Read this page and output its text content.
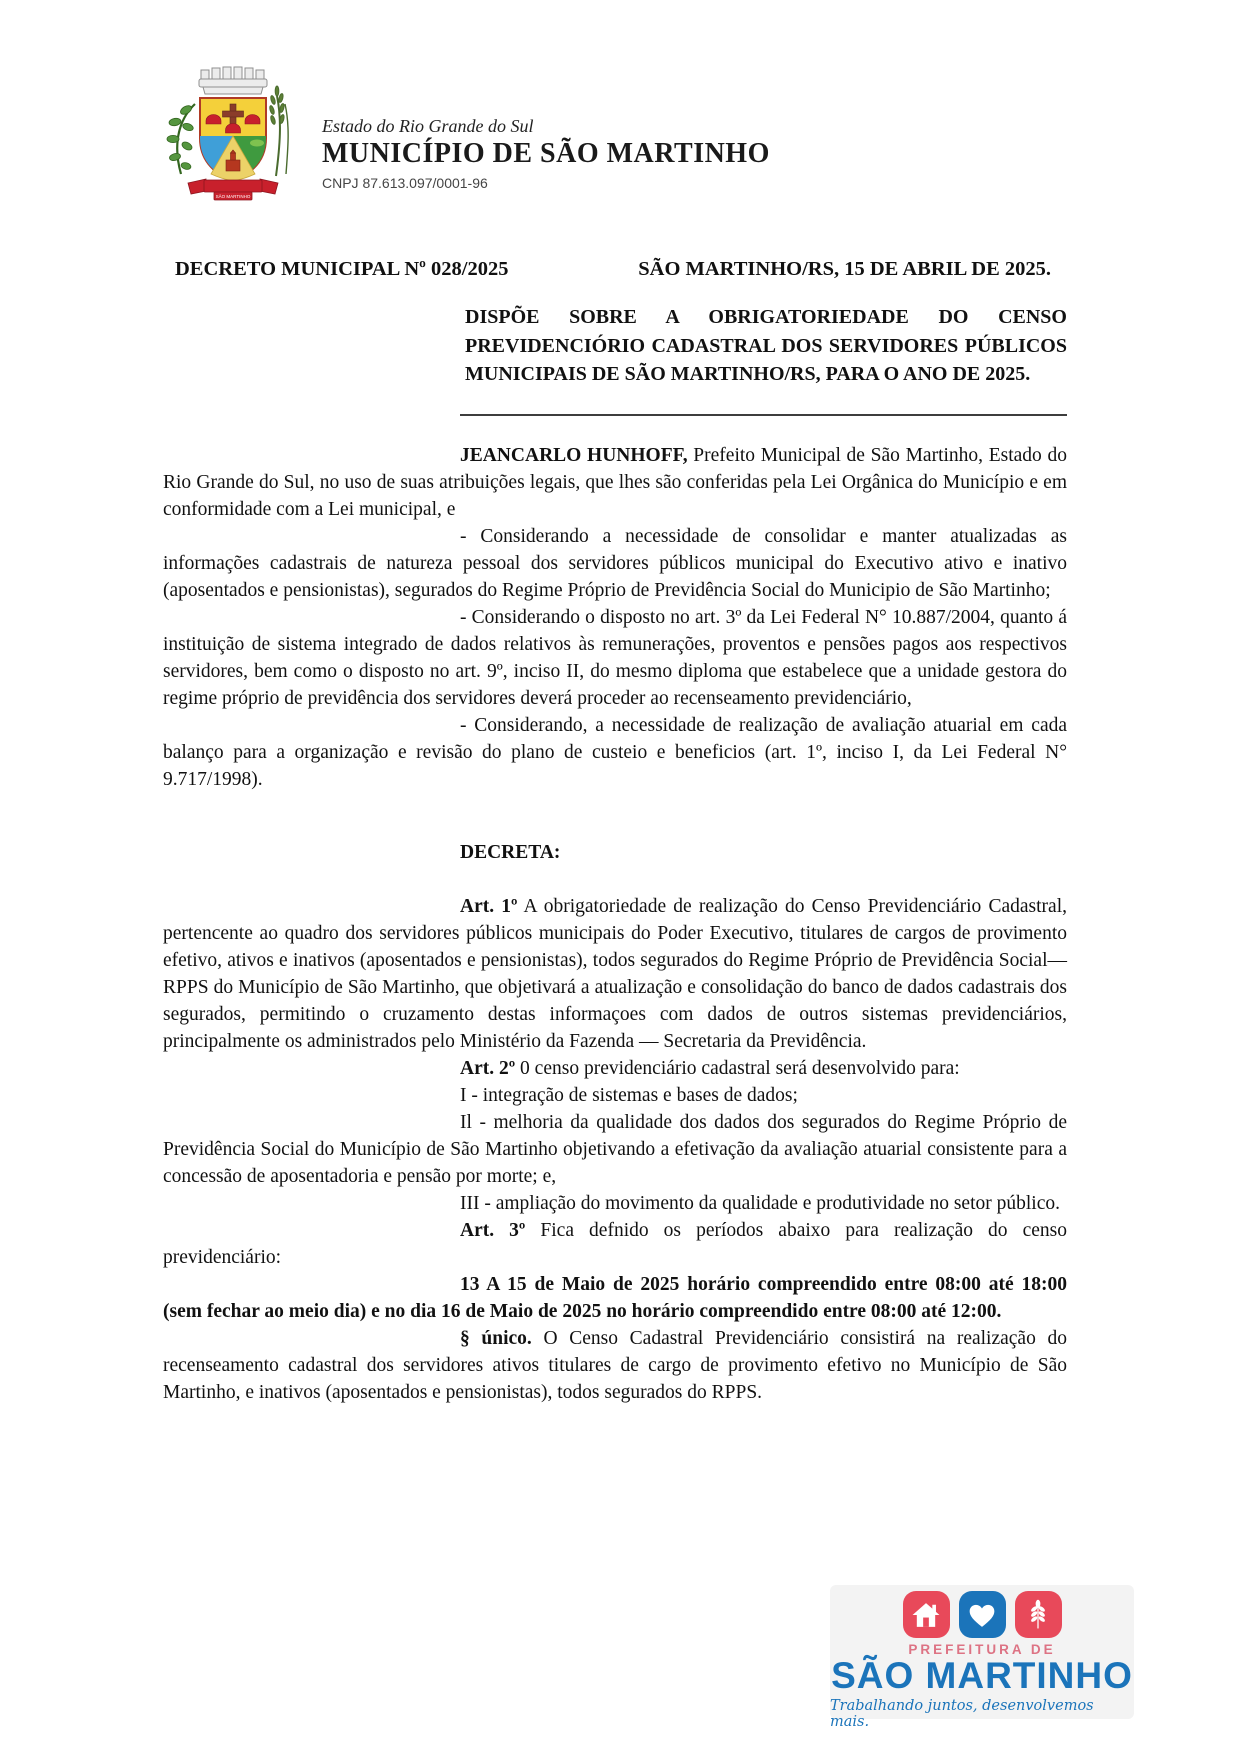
SÃO MARTINHO
Estado do Rio Grande do Sul
MUNICÍPIO DE SÃO MARTINHO
CNPJ 87.613.097/0001-96
DECRETO MUNICIPAL Nº 028/2025	SÃO MARTINHO/RS, 15 DE ABRIL DE 2025.
DISPÕE SOBRE A OBRIGATORIEDADE DO CENSO PREVIDENCIÓRIO CADASTRAL DOS SERVIDORES PÚBLICOS MUNICIPAIS DE SÃO MARTINHO/RS, PARA O ANO DE 2025.

JEANCARLO HUNHOFF, Prefeito Municipal de São Martinho, Estado do Rio Grande do Sul, no uso de suas atribuições legais, que lhes são conferidas pela Lei Orgânica do Município e em conformidade com a Lei municipal, e

- Considerando a necessidade de consolidar e manter atualizadas as informações cadastrais de natureza pessoal dos servidores públicos municipal do Executivo ativo e inativo (aposentados e pensionistas), segurados do Regime Próprio de Previdência Social do Municipio de São Martinho;

- Considerando o disposto no art. 3º da Lei Federal N° 10.887/2004, quanto á instituição de sistema integrado de dados relativos às remunerações, proventos e pensões pagos aos respectivos servidores, bem como o disposto no art. 9º, inciso II, do mesmo diploma que estabelece que a unidade gestora do regime próprio de previdência dos servidores deverá proceder ao recenseamento previdenciário,

- Considerando, a necessidade de realização de avaliação atuarial em cada balanço para a organização e revisão do plano de custeio e beneficios (art. 1º, inciso I, da Lei Federal N° 9.717/1998).

DECRETA:

Art. 1º A obrigatoriedade de realização do Censo Previdenciário Cadastral, pertencente ao quadro dos servidores públicos municipais do Poder Executivo, titulares de cargos de provimento efetivo, ativos e inativos (aposentados e pensionistas), todos segurados do Regime Próprio de Previdência Social—RPPS do Município de São Martinho, que objetivará a atualização e consolidação do banco de dados cadastrais dos segurados, permitindo o cruzamento destas informaçoes com dados de outros sistemas previdenciários, principalmente os administrados pelo Ministério da Fazenda — Secretaria da Previdência.

Art. 2º 0 censo previdenciário cadastral será desenvolvido para:

I - integração de sistemas e bases de dados;

Il - melhoria da qualidade dos dados dos segurados do Regime Próprio de Previdência Social do Município de São Martinho objetivando a efetivação da avaliação atuarial consistente para a concessão de aposentadoria e pensão por morte; e,

III - ampliação do movimento da qualidade e produtividade no setor público.

Art. 3º Fica defnido os períodos abaixo para realização do censo previdenciário:

13 A 15 de Maio de 2025 horário compreendido entre 08:00 até 18:00 (sem fechar ao meio dia) e no dia 16 de Maio de 2025 no horário compreendido entre 08:00 até 12:00.

§ único. O Censo Cadastral Previdenciário consistirá na realização do recenseamento cadastral dos servidores ativos titulares de cargo de provimento efetivo no Município de São Martinho, e inativos (aposentados e pensionistas), todos segurados do RPPS.

PREFEITURA DE
SÃO MARTINHO
Trabalhando juntos, desenvolvemos mais.
